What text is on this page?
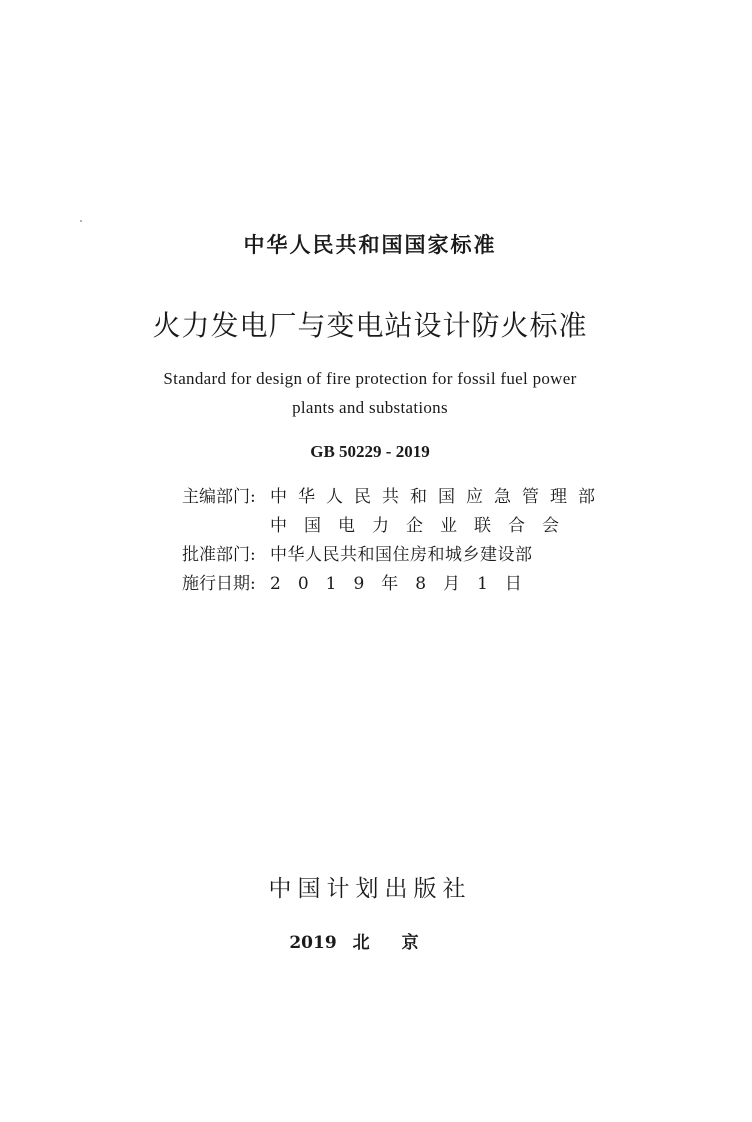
中华人民共和国国家标准
火力发电厂与变电站设计防火标准
Standard for design of fire protection for fossil fuel power
plants and substations
GB 50229 - 2019
主编部门: 中华人民共和国应急管理部
中国电力企业联合会
批准部门: 中华人民共和国住房和城乡建设部
施行日期: 2019年8月1日
中国计划出版社
2019 北京
